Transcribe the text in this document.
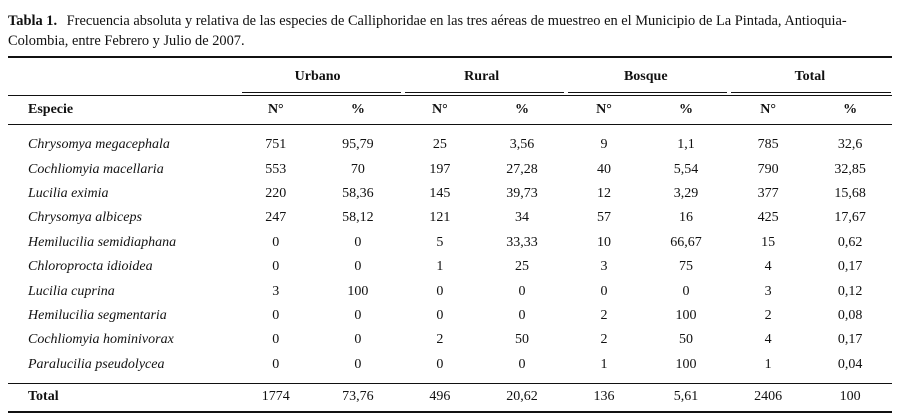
Tabla 1. Frecuencia absoluta y relativa de las especies de Calliphoridae en las tres aéreas de muestreo en el Municipio de La Pintada, Antioquia-Colombia, entre Febrero y Julio de 2007.
	Urbano		Rural		Bosque		Total	
Especie	N°	%	N°	%	N°	%	N°	%

Chrysomya megacephala	751	95,79	25	3,56	9	1,1	785	32,6
Cochliomyia macellaria	553	70	197	27,28	40	5,54	790	32,85
Lucilia eximia	220	58,36	145	39,73	12	3,29	377	15,68
Chrysomya albiceps	247	58,12	121	34	57	16	425	17,67
Hemilucilia semidiaphana	0	0	5	33,33	10	66,67	15	0,62
Chloroprocta idioidea	0	0	1	25	3	75	4	0,17
Lucilia cuprina	3	100	0	0	0	0	3	0,12
Hemilucilia segmentaria	0	0	0	0	2	100	2	0,08
Cochliomyia hominivorax	0	0	2	50	2	50	4	0,17
Paralucilia pseudolycea	0	0	0	0	1	100	1	0,04

Total	1774	73,76	496	20,62	136	5,61	2406	100
